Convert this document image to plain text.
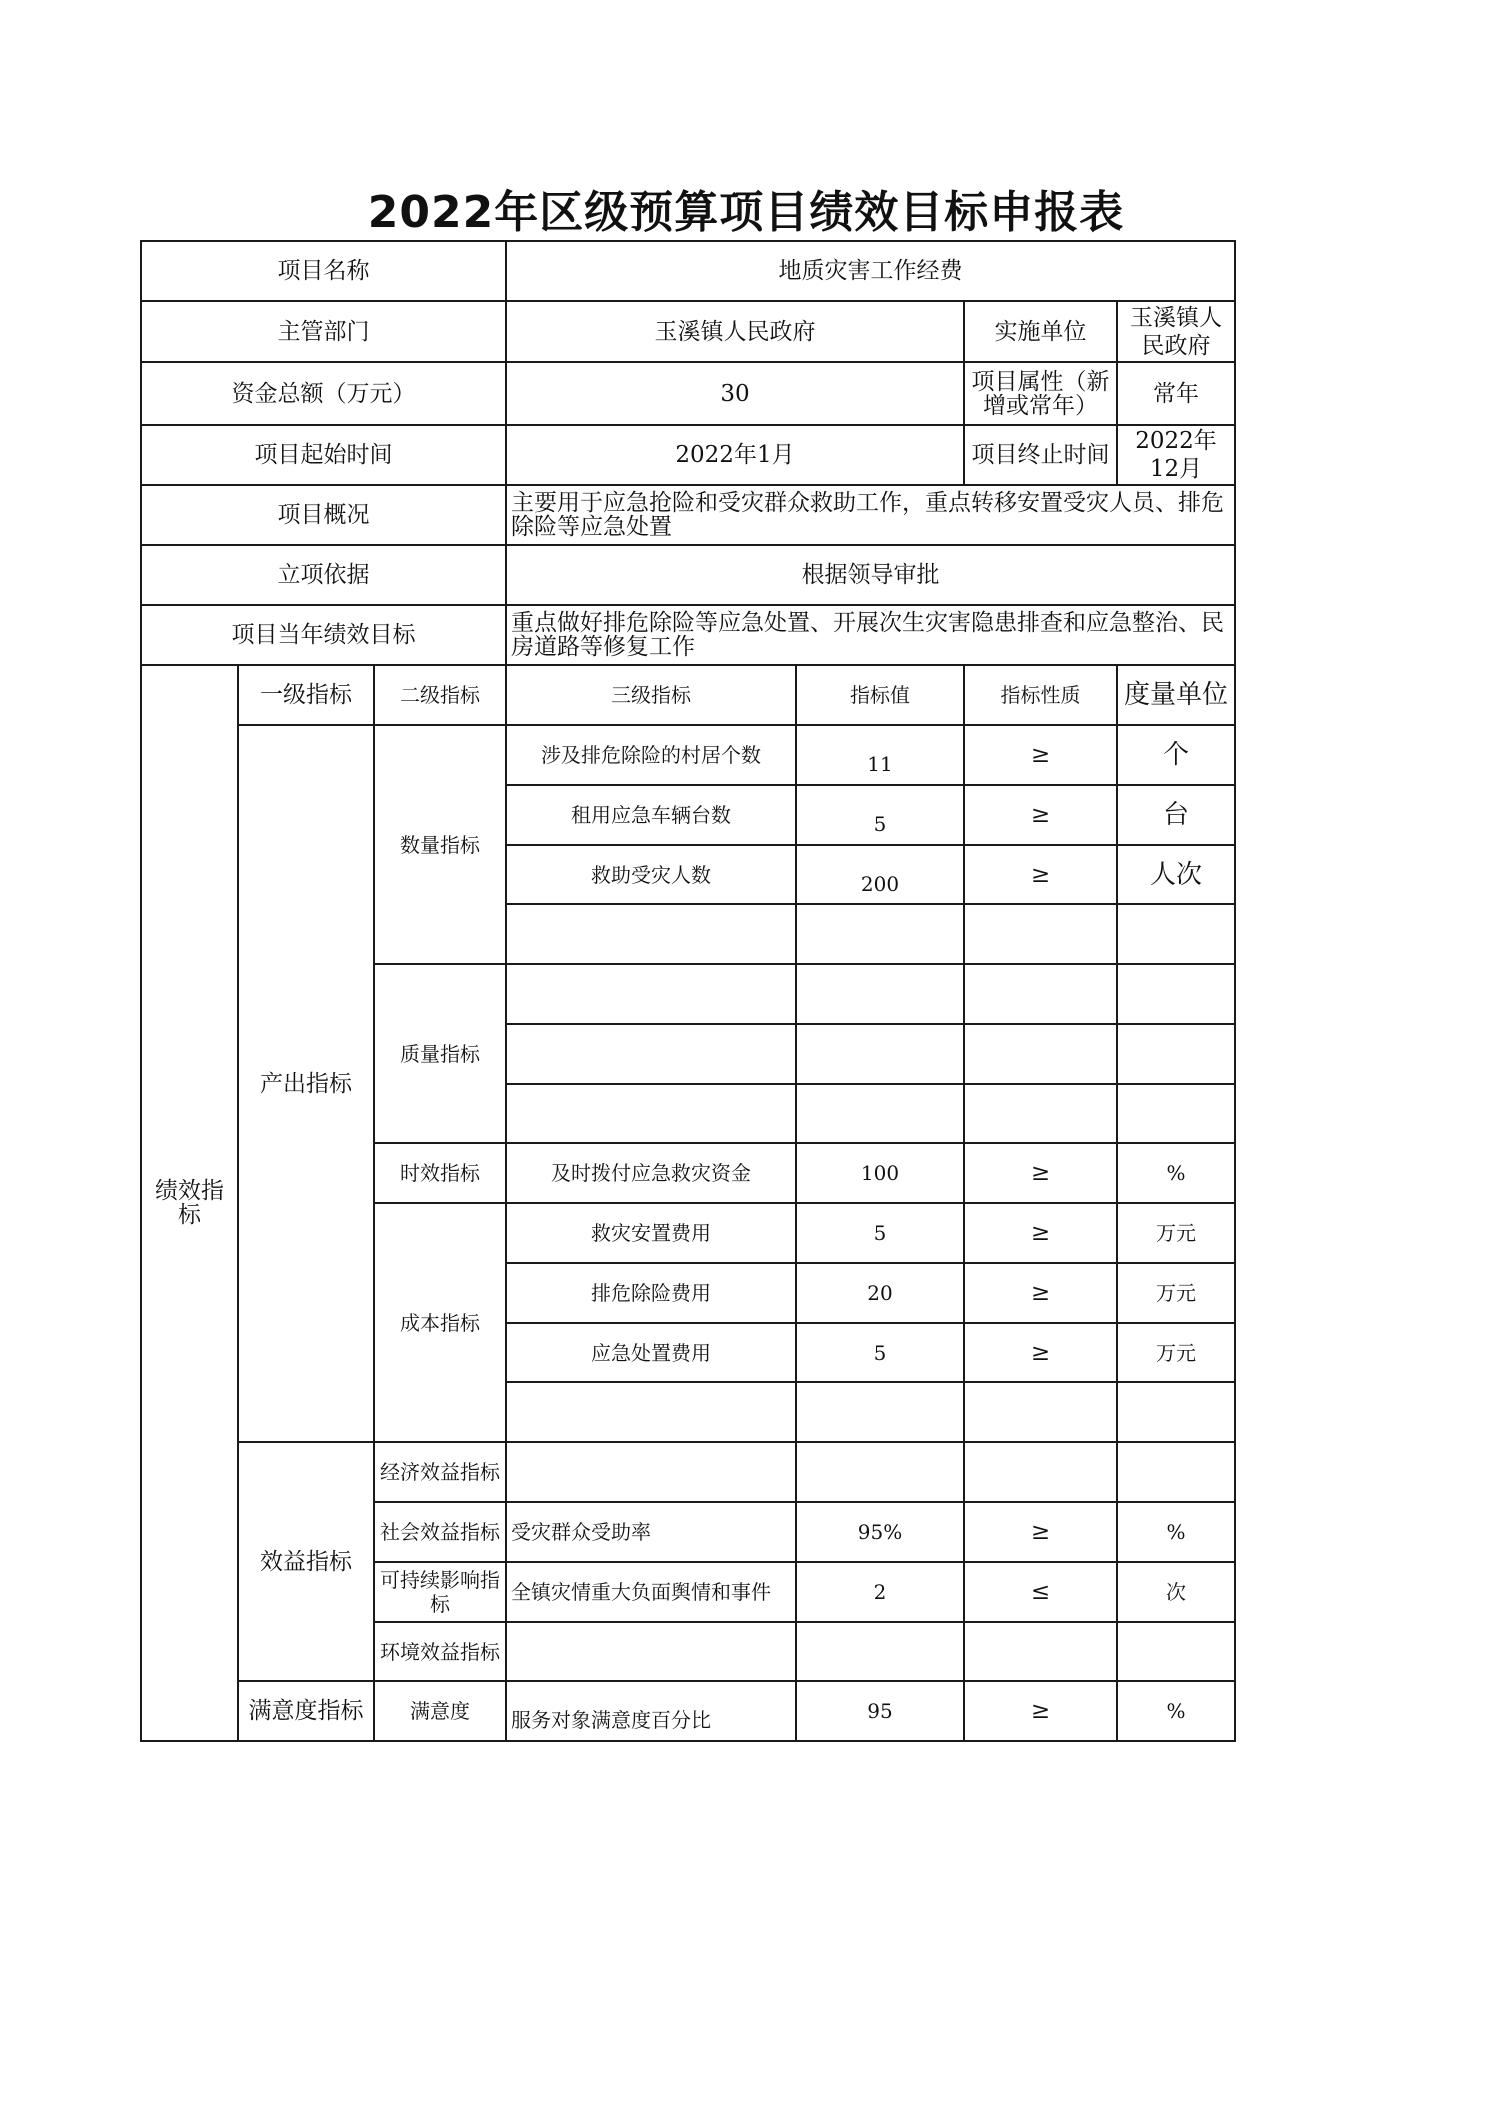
2022年区级预算项目绩效目标申报表
项目名称			地质灾害工作经费			
主管部门			玉溪镇人民政府		实施单位	玉溪镇人民政府
资金总额（万元）			30		项目属性（新增或常年）	常年
项目起始时间			2022年1月		项目终止时间	2022年12月
项目概况			主要用于应急抢险和受灾群众救助工作，重点转移安置受灾人员、排危除险等应急处置			
立项依据			根据领导审批			
项目当年绩效目标			重点做好排危除险等应急处置、开展次生灾害隐患排查和应急整治、民房道路等修复工作			
绩效指标	一级指标	二级指标	三级指标	指标值	指标性质	度量单位
	产出指标	数量指标	涉及排危除险的村居个数	11	≥	个
			租用应急车辆台数	5	≥	台
			救助受灾人数	200	≥	人次

		质量指标				

		时效指标	及时拨付应急救灾资金	100	≥	%
		成本指标	救灾安置费用	5	≥	万元
			排危除险费用	20	≥	万元
			应急处置费用	5	≥	万元

	效益指标	经济效益指标				
		社会效益指标	受灾群众受助率	95%	≥	%
		可持续影响指标	全镇灾情重大负面舆情和事件	2	≤	次
		环境效益指标				
	满意度指标	满意度	服务对象满意度百分比	95	≥	%
